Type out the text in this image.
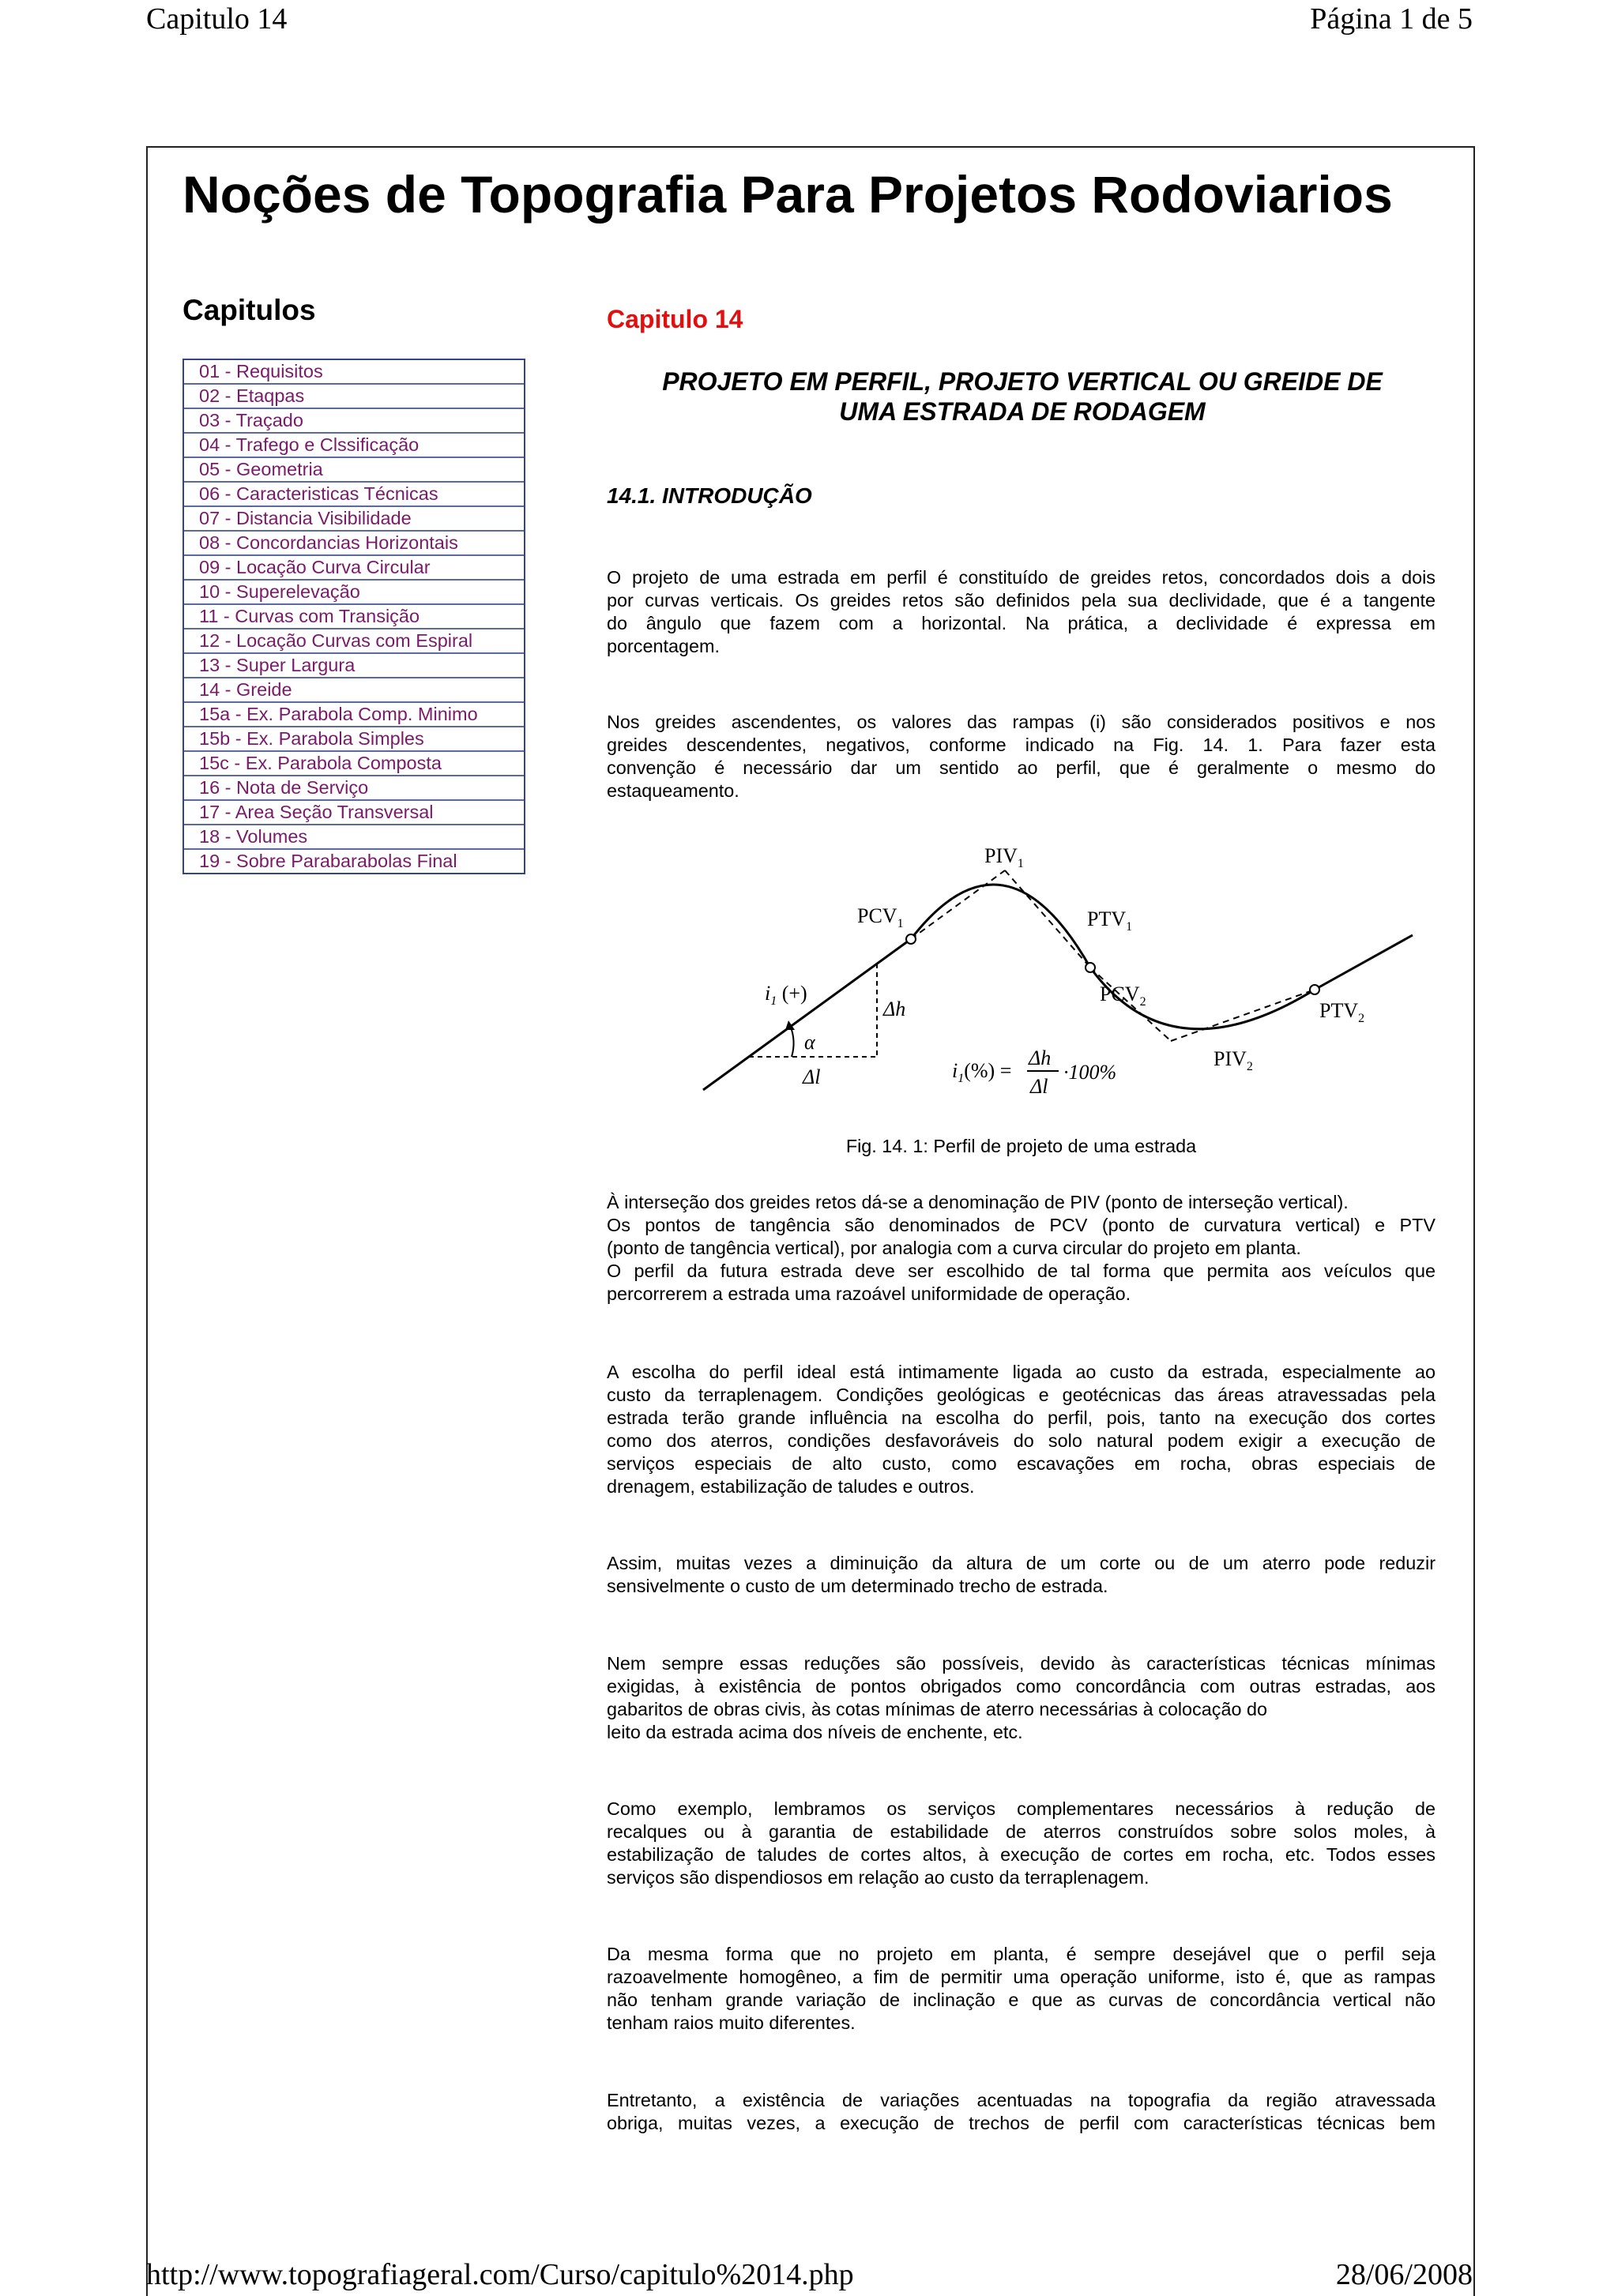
Capitulo 14	Página 1 de 5
Noções de Topografia Para Projetos Rodoviarios
Capitulos
01 - Requisitos
02 - Etaqpas
03 - Traçado
04 - Trafego e Clssificação
05 - Geometria
06 - Caracteristicas Técnicas
07 - Distancia Visibilidade
08 - Concordancias Horizontais
09 - Locação Curva Circular
10 - Superelevação
11 - Curvas com Transição
12 - Locação Curvas com Espiral
13 - Super Largura
14 - Greide
15a - Ex. Parabola Comp. Minimo
15b - Ex. Parabola Simples
15c - Ex. Parabola Composta
16 - Nota de Serviço
17 - Area Seção Transversal
18 - Volumes
19 - Sobre Parabarabolas Final
Capitulo 14
PROJETO EM PERFIL, PROJETO VERTICAL OU GREIDE DE
UMA ESTRADA DE RODAGEM
14.1. INTRODUÇÃO
O projeto de uma estrada em perfil é constituído de greides retos, concordados dois a dois
por curvas verticais. Os greides retos são definidos pela sua declividade, que é a tangente
do ângulo que fazem com a horizontal. Na prática, a declividade é expressa em
porcentagem.
Nos greides ascendentes, os valores das rampas (i) são considerados positivos e nos
greides descendentes, negativos, conforme indicado na Fig. 14. 1. Para fazer esta
convenção é necessário dar um sentido ao perfil, que é geralmente o mesmo do
estaqueamento.
$PIV_1$
$PCV_1$	$PTV_1$
$PCV_2$	$PTV_2$
$PIV_2$
$i_1$ (+)
Δh
α
Δl	$i_1(\%)$ =
Δh
Δl
·100%
Fig. 14. 1: Perfil de projeto de uma estrada
À interseção dos greides retos dá-se a denominação de PIV (ponto de interseção vertical).
Os pontos de tangência são denominados de PCV (ponto de curvatura vertical) e PTV
(ponto de tangência vertical), por analogia com a curva circular do projeto em planta.
O perfil da futura estrada deve ser escolhido de tal forma que permita aos veículos que
percorrerem a estrada uma razoável uniformidade de operação.
A escolha do perfil ideal está intimamente ligada ao custo da estrada, especialmente ao
custo da terraplenagem. Condições geológicas e geotécnicas das áreas atravessadas pela
estrada terão grande influência na escolha do perfil, pois, tanto na execução dos cortes
como dos aterros, condições desfavoráveis do solo natural podem exigir a execução de
serviços especiais de alto custo, como escavações em rocha, obras especiais de
drenagem, estabilização de taludes e outros.
Assim, muitas vezes a diminuição da altura de um corte ou de um aterro pode reduzir
sensivelmente o custo de um determinado trecho de estrada.
Nem sempre essas reduções são possíveis, devido às características técnicas mínimas
exigidas, à existência de pontos obrigados como concordância com outras estradas, aos
gabaritos de obras civis, às cotas mínimas de aterro necessárias à colocação do
leito da estrada acima dos níveis de enchente, etc.
Como exemplo, lembramos os serviços complementares necessários à redução de
recalques ou à garantia de estabilidade de aterros construídos sobre solos moles, à
estabilização de taludes de cortes altos, à execução de cortes em rocha, etc. Todos esses
serviços são dispendiosos em relação ao custo da terraplenagem.
Da mesma forma que no projeto em planta, é sempre desejável que o perfil seja
razoavelmente homogêneo, a fim de permitir uma operação uniforme, isto é, que as rampas
não tenham grande variação de inclinação e que as curvas de concordância vertical não
tenham raios muito diferentes.
Entretanto, a existência de variações acentuadas na topografia da região atravessada
obriga, muitas vezes, a execução de trechos de perfil com características técnicas bem
http://www.topografiageral.com/Curso/capitulo%2014.php	28/06/2008
